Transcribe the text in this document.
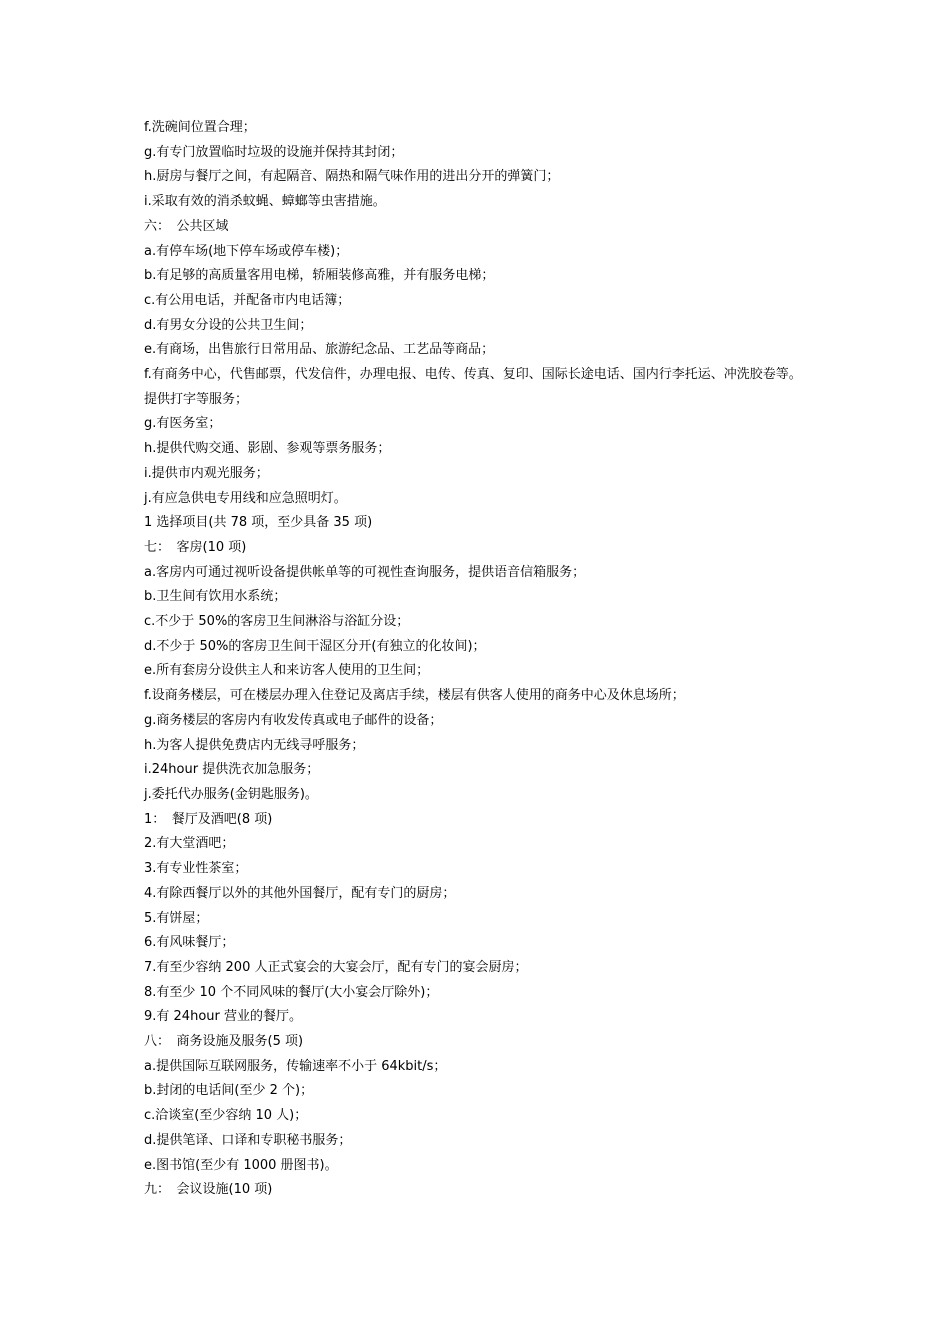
f.洗碗间位置合理；

g.有专门放置临时垃圾的设施并保持其封闭；

h.厨房与餐厅之间，有起隔音、隔热和隔气味作用的进出分开的弹簧门；

i.采取有效的消杀蚊蝇、蟑螂等虫害措施。

六：　公共区域

a.有停车场(地下停车场或停车楼)；

b.有足够的高质量客用电梯，轿厢装修高雅，并有服务电梯；

c.有公用电话，并配备市内电话簿；

d.有男女分设的公共卫生间；

e.有商场，出售旅行日常用品、旅游纪念品、工艺品等商品；

f.有商务中心，代售邮票，代发信件，办理电报、电传、传真、复印、国际长途电话、国内行李托运、冲洗胶卷等。提供打字等服务；

g.有医务室；

h.提供代购交通、影剧、参观等票务服务；

i.提供市内观光服务；

j.有应急供电专用线和应急照明灯。

1 选择项目(共 78 项，至少具备 35 项)

七：　客房(10 项)

a.客房内可通过视听设备提供帐单等的可视性查询服务，提供语音信箱服务；

b.卫生间有饮用水系统；

c.不少于 50%的客房卫生间淋浴与浴缸分设；

d.不少于 50%的客房卫生间干湿区分开(有独立的化妆间)；

e.所有套房分设供主人和来访客人使用的卫生间；

f.设商务楼层，可在楼层办理入住登记及离店手续，楼层有供客人使用的商务中心及休息场所；

g.商务楼层的客房内有收发传真或电子邮件的设备；

h.为客人提供免费店内无线寻呼服务；

i.24hour 提供洗衣加急服务；

j.委托代办服务(金钥匙服务)。

1：　餐厅及酒吧(8 项)

2.有大堂酒吧；

3.有专业性茶室；

4.有除西餐厅以外的其他外国餐厅，配有专门的厨房；

5.有饼屋；

6.有风味餐厅；

7.有至少容纳 200 人正式宴会的大宴会厅，配有专门的宴会厨房；

8.有至少 10 个不同风味的餐厅(大小宴会厅除外)；

9.有 24hour 营业的餐厅。

八：　商务设施及服务(5 项)

a.提供国际互联网服务，传输速率不小于 64kbit/s；

b.封闭的电话间(至少 2 个)；

c.洽谈室(至少容纳 10 人)；

d.提供笔译、口译和专职秘书服务；

e.图书馆(至少有 1000 册图书)。

九：　会议设施(10 项)
